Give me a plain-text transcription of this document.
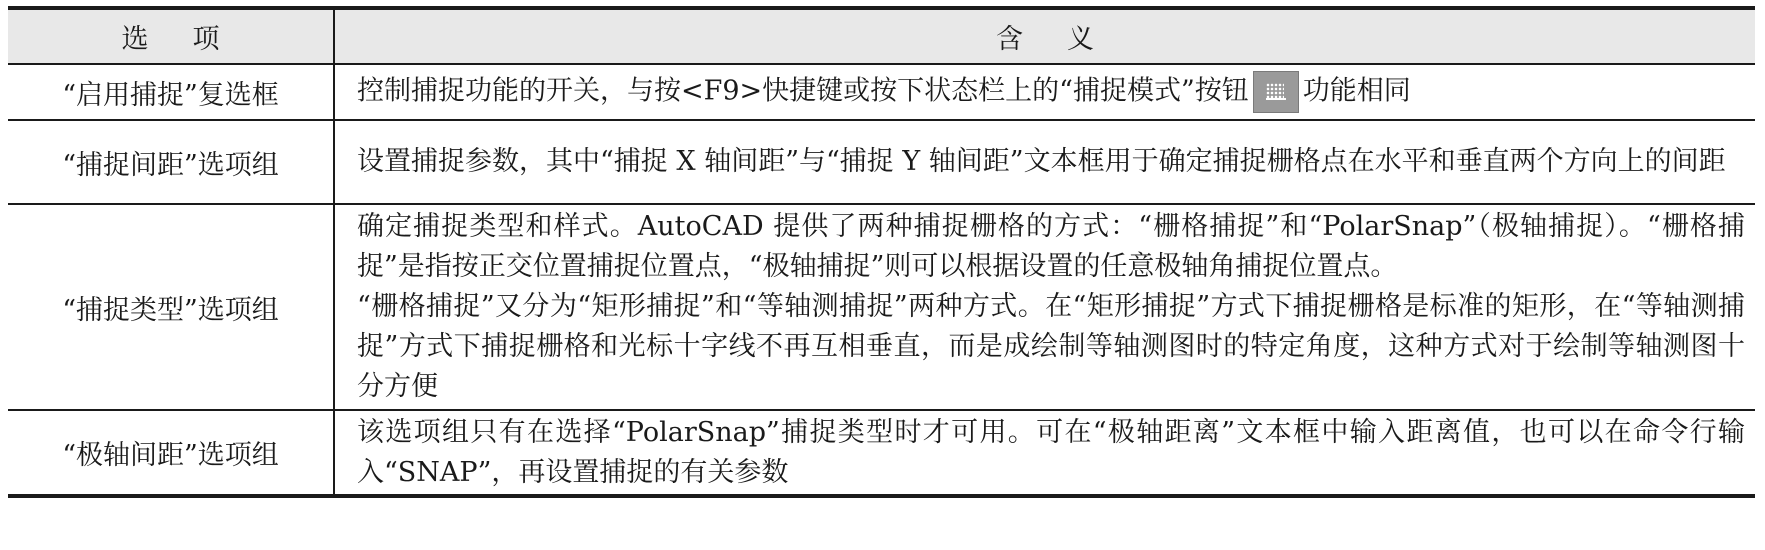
选项	含义
“启用捕捉”复选框	控制捕捉功能的开关，与按<F9>快捷键或按下状态栏上的“捕捉模式”按钮 功能相同
“捕捉间距”选项组	设置捕捉参数，其中“捕捉 X 轴间距”与“捕捉 Y 轴间距”文本框用于确定捕捉栅格点在水平和垂直两个方向上的间距
“捕捉类型”选项组	确定捕捉类型和样式。AutoCAD 提供了两种捕捉栅格的方式：“栅格捕捉”和“PolarSnap”（极轴捕捉）。“栅格捕捉”是指按正交位置捕捉位置点，“极轴捕捉”则可以根据设置的任意极轴角捕捉位置点。
“栅格捕捉”又分为“矩形捕捉”和“等轴测捕捉”两种方式。在“矩形捕捉”方式下捕捉栅格是标准的矩形，在“等轴测捕捉”方式下捕捉栅格和光标十字线不再互相垂直，而是成绘制等轴测图时的特定角度，这种方式对于绘制等轴测图十分方便

“极轴间距”选项组	该选项组只有在选择“PolarSnap”捕捉类型时才可用。可在“极轴距离”文本框中输入距离值，也可以在命令行输入“SNAP”，再设置捕捉的有关参数
